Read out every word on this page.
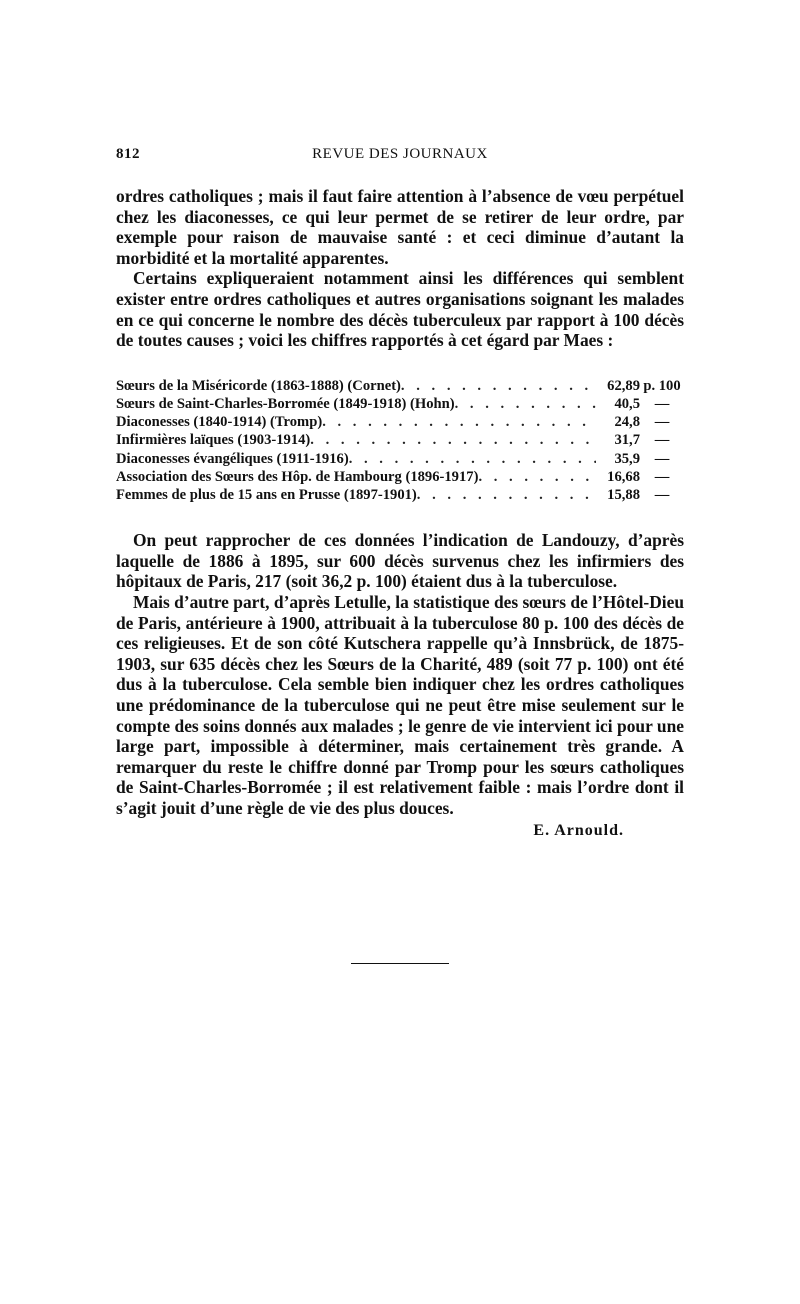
812	REVUE DES JOURNAUX

ordres catholiques ; mais il faut faire attention à l’absence de vœu perpétuel chez les diaconesses, ce qui leur permet de se retirer de leur ordre, par exemple pour raison de mauvaise santé : et ceci diminue d’autant la morbidité et la mortalité apparentes.

Certains expliqueraient notamment ainsi les différences qui semblent exister entre ordres catholiques et autres organisations soignant les malades en ce qui concerne le nombre des décès tuberculeux par rapport à 100 décès de toutes causes ; voici les chiffres rapportés à cet égard par Maes :

Sœurs de la Miséricorde (1863-1888) (Cornet) . . .	62,89 p. 100
Sœurs de Saint-Charles-Borromée (1849-1918) (Hohn) . . .	40,5	—
Diaconesses (1840-1914) (Tromp) . . .	24,8	—
Infirmières laïques (1903-1914) . . .	31,7	—
Diaconesses évangéliques (1911-1916) . . .	35,9	—
Association des Sœurs des Hôp. de Hambourg (1896-1917) . . .	16,68	—
Femmes de plus de 15 ans en Prusse (1897-1901) . . .	15,88	—

On peut rapprocher de ces données l’indication de Landouzy, d’après laquelle de 1886 à 1895, sur 600 décès survenus chez les infirmiers des hôpitaux de Paris, 217 (soit 36,2 p. 100) étaient dus à la tuberculose.

Mais d’autre part, d’après Letulle, la statistique des sœurs de l’Hôtel-Dieu de Paris, antérieure à 1900, attribuait à la tuberculose 80 p. 100 des décès de ces religieuses. Et de son côté Kutschera rappelle qu’à Innsbrück, de 1875-1903, sur 635 décès chez les Sœurs de la Charité, 489 (soit 77 p. 100) ont été dus à la tuberculose. Cela semble bien indiquer chez les ordres catholiques une prédominance de la tuberculose qui ne peut être mise seulement sur le compte des soins donnés aux malades ; le genre de vie intervient ici pour une large part, impossible à déterminer, mais certainement très grande. A remarquer du reste le chiffre donné par Tromp pour les sœurs catholiques de Saint-Charles-Borromée ; il est relativement faible : mais l’ordre dont il s’agit jouit d’une règle de vie des plus douces.

E. Arnould.
